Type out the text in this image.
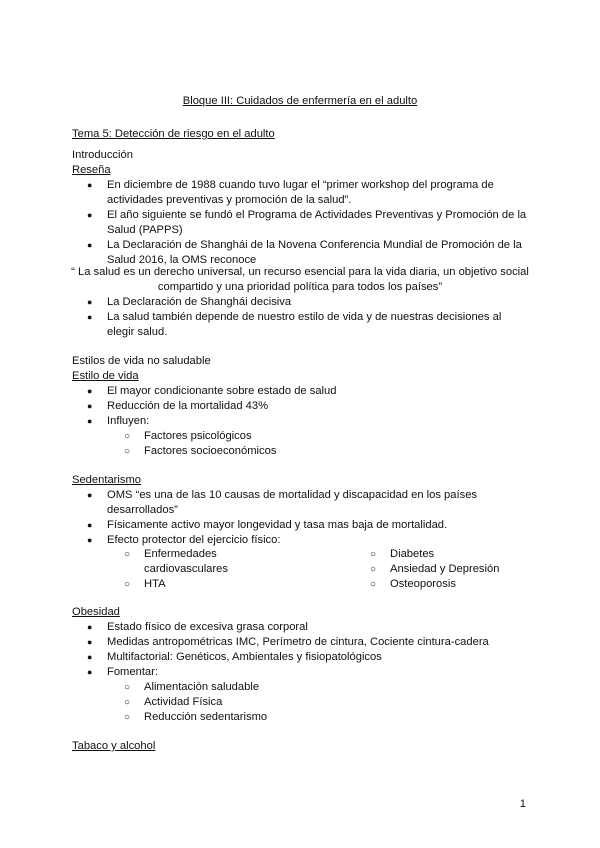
Bloque III: Cuidados de enfermería en el adulto
Tema 5: Detección de riesgo en el adulto
Introducción
Reseña
● En diciembre de 1988 cuando tuvo lugar el “primer workshop del programa de actividades preventivas y promoción de la salud”.
● El año siguiente se fundó el Programa de Actividades Preventivas y Promoción de la Salud (PAPPS)
● La Declaración de Shanghái de la Novena Conferencia Mundial de Promoción de la Salud 2016, la OMS reconoce
“ La salud es un derecho universal, un recurso esencial para la vida diaria, un objetivo social compartido y una prioridad política para todos los países”
● La Declaración de Shanghái decisiva
● La salud también depende de nuestro estilo de vida y de nuestras decisiones al elegir salud.
Estilos de vida no saludable
Estilo de vida
● El mayor condicionante sobre estado de salud
● Reducción de la mortalidad 43%
● Influyen:
○ Factores psicológicos
○ Factores socioeconómicos
Sedentarismo
● OMS “es una de las 10 causas de mortalidad y discapacidad en los países desarrollados”
● Físicamente activo mayor longevidad y tasa mas baja de mortalidad.
● Efecto protector del ejercicio físico:
○ Enfermedades cardiovasculares
○ HTA
○ Diabetes
○ Ansiedad y Depresión
○ Osteoporosis
Obesidad
● Estado físico de excesiva grasa corporal
● Medidas antropométricas IMC, Perímetro de cintura, Cociente cintura-cadera
● Multifactorial: Genéticos, Ambientales y fisiopatológicos
● Fomentar:
○ Alimentación saludable
○ Actividad Física
○ Reducción sedentarismo
Tabaco y alcohol
1
